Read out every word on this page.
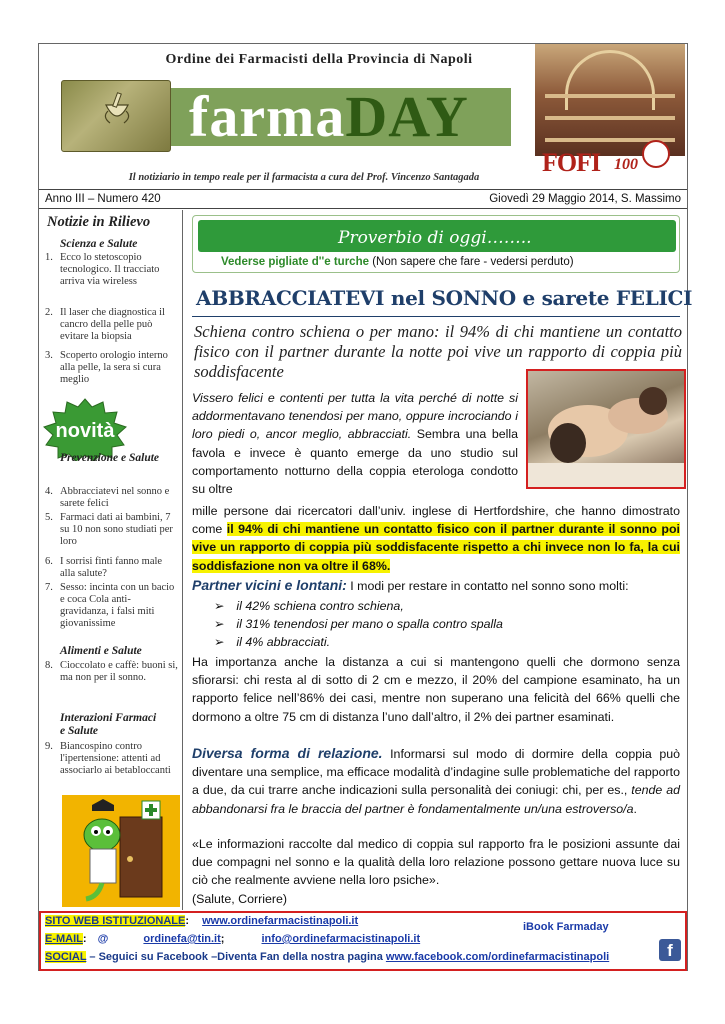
Ordine dei Farmacisti della Provincia di Napoli
farmaDAY
FOFI 100
Il notiziario in tempo reale per il farmacista a cura del Prof. Vincenzo Santagada
Anno III – Numero 420	Giovedì 29 Maggio 2014, S. Massimo
Notizie in Rilievo
Scienza e Salute
1. Ecco lo stetoscopio tecnologico. Il tracciato arriva via wireless
2. Il laser che diagnostica il cancro della pelle può evitare la biopsia
3. Scoperto orologio interno alla pelle, la sera si cura meglio
novità
Prevenzione e Salute
4. Abbracciatevi nel sonno e sarete felici
5. Farmaci dati ai bambini, 7 su 10 non sono studiati per loro
6. I sorrisi finti fanno male alla salute?
7. Sesso: incinta con un bacio e coca Cola anti-gravidanza, i falsi miti giovanissime
Alimenti e Salute
8. Cioccolato e caffè: buoni si, ma non per il sonno.
Interazioni Farmaci e Salute
9. Biancospino contro l'ipertensione: attenti ad associarlo ai betabloccanti
Proverbio di oggi……..
Vederse pigliate d''e turche (Non sapere che fare - vedersi perduto)
ABBRACCIATEVI nel SONNO e sarete FELICI
Schiena contro schiena o per mano: il 94% di chi mantiene un contatto fisico con il partner durante la notte poi vive un rapporto di coppia più soddisfacente
Vissero felici e contenti per tutta la vita perché di notte si addormentavano tenendosi per mano, oppure incrociando i loro piedi o, ancor meglio, abbracciati. Sembra una bella favola e invece è quanto emerge da uno studio sul comportamento notturno della coppia eterologa condotto su oltre
mille persone dai ricercatori dall’univ. inglese di Hertfordshire, che hanno dimostrato come il 94% di chi mantiene un contatto fisico con il partner durante il sonno poi vive un rapporto di coppia più soddisfacente rispetto a chi invece non lo fa, la cui soddisfazione non va oltre il 68%.
Partner vicini e lontani: I modi per restare in contatto nel sonno sono molti:
➢ il 42% schiena contro schiena,
➢ il 31% tenendosi per mano o spalla contro spalla
➢ il 4% abbracciati.
Ha importanza anche la distanza a cui si mantengono quelli che dormono senza sfiorarsi: chi resta al di sotto di 2 cm e mezzo, il 20% del campione esaminato, ha un rapporto felice nell’86% dei casi, mentre non superano una felicità del 66% quelli che dormono a oltre 75 cm di distanza l’uno dall’altro, il 2% dei partner esaminati.
Diversa forma di relazione. Informarsi sul modo di dormire della coppia può diventare una semplice, ma efficace modalità d’indagine sulle problematiche del rapporto a due, da cui trarre anche indicazioni sulla personalità dei coniugi: chi, per es., tende ad abbandonarsi fra le braccia del partner è fondamentalmente un/una estroverso/a.
«Le informazioni raccolte dal medico di coppia sul rapporto fra le posizioni assunte dai due compagni nel sonno e la qualità della loro relazione possono gettare nuova luce su ciò che realmente avviene nella loro psiche».
(Salute, Corriere)
SITO WEB ISTITUZIONALE: www.ordinefarmacistinapoli.it	iBook Farmaday
E-MAIL: @	ordinefa@tin.it;	info@ordinefarmacistinapoli.it
SOCIAL – Seguici su Facebook –Diventa Fan della nostra pagina www.facebook.com/ordinefarmacistinapoli	f
